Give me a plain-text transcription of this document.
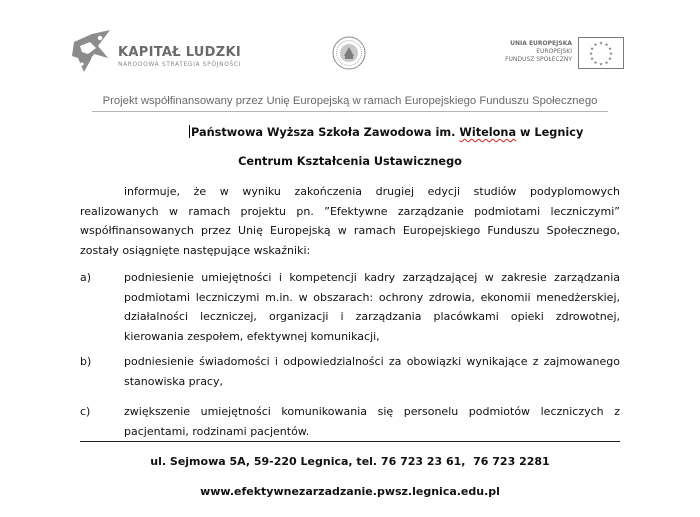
KAPITAŁ LUDZKI
NARODOWA STRATEGIA SPÓJNOŚCI
UNIA EUROPEJSKA
EUROPEJSKI
FUNDUSZ SPOŁECZNY
★ ★
★
★
★
★
★
★
★
★
★
★
Projekt współfinansowany przez Unię Europejską w ramach Europejskiego Funduszu Społecznego
Państwowa Wyższa Szkoła Zawodowa im. Witelona w Legnicy
Centrum Kształcenia Ustawicznego
informuje, że w wyniku zakończenia drugiej edycji studiów podyplomowych realizowanych w ramach projektu pn. ”Efektywne zarządzanie podmiotami leczniczymi” współfinansowanych przez Unię Europejską w ramach Europejskiego Funduszu Społecznego, zostały osiągnięte następujące wskaźniki:
a)	podniesienie umiejętności i kompetencji kadry zarządzającej w zakresie zarządzania podmiotami leczniczymi m.in. w obszarach: ochrony zdrowia, ekonomii menedżerskiej, działalności leczniczej, organizacji i zarządzania placówkami opieki zdrowotnej, kierowania zespołem, efektywnej komunikacji,
b)	podniesienie świadomości i odpowiedzialności za obowiązki wynikające z zajmowanego stanowiska pracy,
c)	zwiększenie umiejętności komunikowania się personelu podmiotów leczniczych z pacjentami, rodzinami pacjentów.
ul. Sejmowa 5A, 59-220 Legnica, tel. 76 723 23 61,  76 723 2281
www.efektywnezarzadzanie.pwsz.legnica.edu.pl
